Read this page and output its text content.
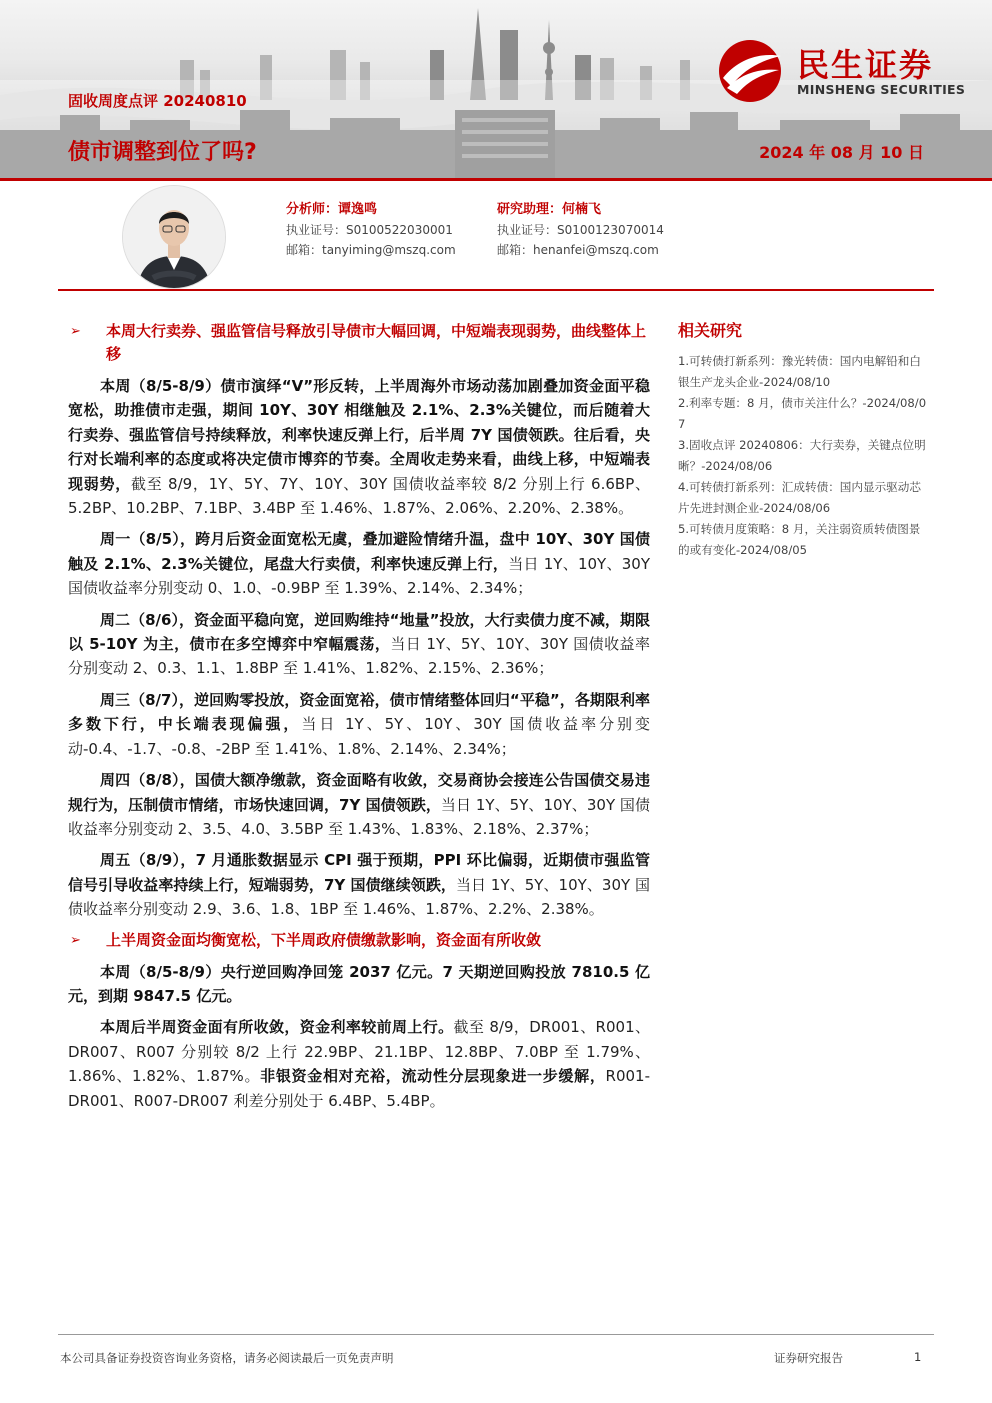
民生证券
MINSHENG SECURITIES
固收周度点评 20240810
债市调整到位了吗?	2024 年 08 月 10 日
分析师：谭逸鸣
执业证号：S0100522030001
邮箱：tanyiming@mszq.com
研究助理：何楠飞
执业证号：S0100123070014
邮箱：henanfei@mszq.com
➢ 本周大行卖券、强监管信号释放引导债市大幅回调，中短端表现弱势，曲线整体上移

本周（8/5-8/9）债市演绎“V”形反转，上半周海外市场动荡加剧叠加资金面平稳宽松，助推债市走强，期间 10Y、30Y 相继触及 2.1%、2.3%关键位，而后随着大行卖券、强监管信号持续释放，利率快速反弹上行，后半周 7Y 国债领跌。往后看，央行对长端利率的态度或将决定债市博弈的节奏。全周收走势来看，曲线上移，中短端表现弱势，截至 8/9，1Y、5Y、7Y、10Y、30Y 国债收益率较 8/2 分别上行 6.6BP、5.2BP、10.2BP、7.1BP、3.4BP 至 1.46%、1.87%、2.06%、2.20%、2.38%。

周一（8/5），跨月后资金面宽松无虞，叠加避险情绪升温，盘中 10Y、30Y 国债触及 2.1%、2.3%关键位，尾盘大行卖债，利率快速反弹上行，当日 1Y、10Y、30Y 国债收益率分别变动 0、1.0、-0.9BP 至 1.39%、2.14%、2.34%；

周二（8/6），资金面平稳向宽，逆回购维持“地量”投放，大行卖债力度不减，期限以 5-10Y 为主，债市在多空博弈中窄幅震荡，当日 1Y、5Y、10Y、30Y 国债收益率分别变动 2、0.3、1.1、1.8BP 至 1.41%、1.82%、2.15%、2.36%；

周三（8/7），逆回购零投放，资金面宽裕，债市情绪整体回归“平稳”，各期限利率多数下行，中长端表现偏强，当日 1Y、5Y、10Y、30Y 国债收益率分别变动-0.4、-1.7、-0.8、-2BP 至 1.41%、1.8%、2.14%、2.34%；

周四（8/8），国债大额净缴款，资金面略有收敛，交易商协会接连公告国债交易违规行为，压制债市情绪，市场快速回调，7Y 国债领跌，当日 1Y、5Y、10Y、30Y 国债收益率分别变动 2、3.5、4.0、3.5BP 至 1.43%、1.83%、2.18%、2.37%；

周五（8/9），7 月通胀数据显示 CPI 强于预期，PPI 环比偏弱，近期债市强监管信号引导收益率持续上行，短端弱势，7Y 国债继续领跌，当日 1Y、5Y、10Y、30Y 国债收益率分别变动 2.9、3.6、1.8、1BP 至 1.46%、1.87%、2.2%、2.38%。

➢ 上半周资金面均衡宽松，下半周政府债缴款影响，资金面有所收敛

本周（8/5-8/9）央行逆回购净回笼 2037 亿元。7 天期逆回购投放 7810.5 亿元，到期 9847.5 亿元。

本周后半周资金面有所收敛，资金利率较前周上行。截至 8/9，DR001、R001、DR007、R007 分别较 8/2 上行 22.9BP、21.1BP、12.8BP、7.0BP 至 1.79%、1.86%、1.82%、1.87%。非银资金相对充裕，流动性分层现象进一步缓解，R001-DR001、R007-DR007 利差分别处于 6.4BP、5.4BP。

相关研究

1.可转债打新系列：豫光转债：国内电解铅和白银生产龙头企业-2024/08/10

2.利率专题：8 月，债市关注什么？-2024/08/07

3.固收点评 20240806：大行卖券，关键点位明晰？-2024/08/06

4.可转债打新系列：汇成转债：国内显示驱动芯片先进封测企业-2024/08/06

5.可转债月度策略：8 月，关注弱资质转债图景的或有变化-2024/08/05

本公司具备证券投资咨询业务资格，请务必阅读最后一页免责声明	证券研究报告	1
